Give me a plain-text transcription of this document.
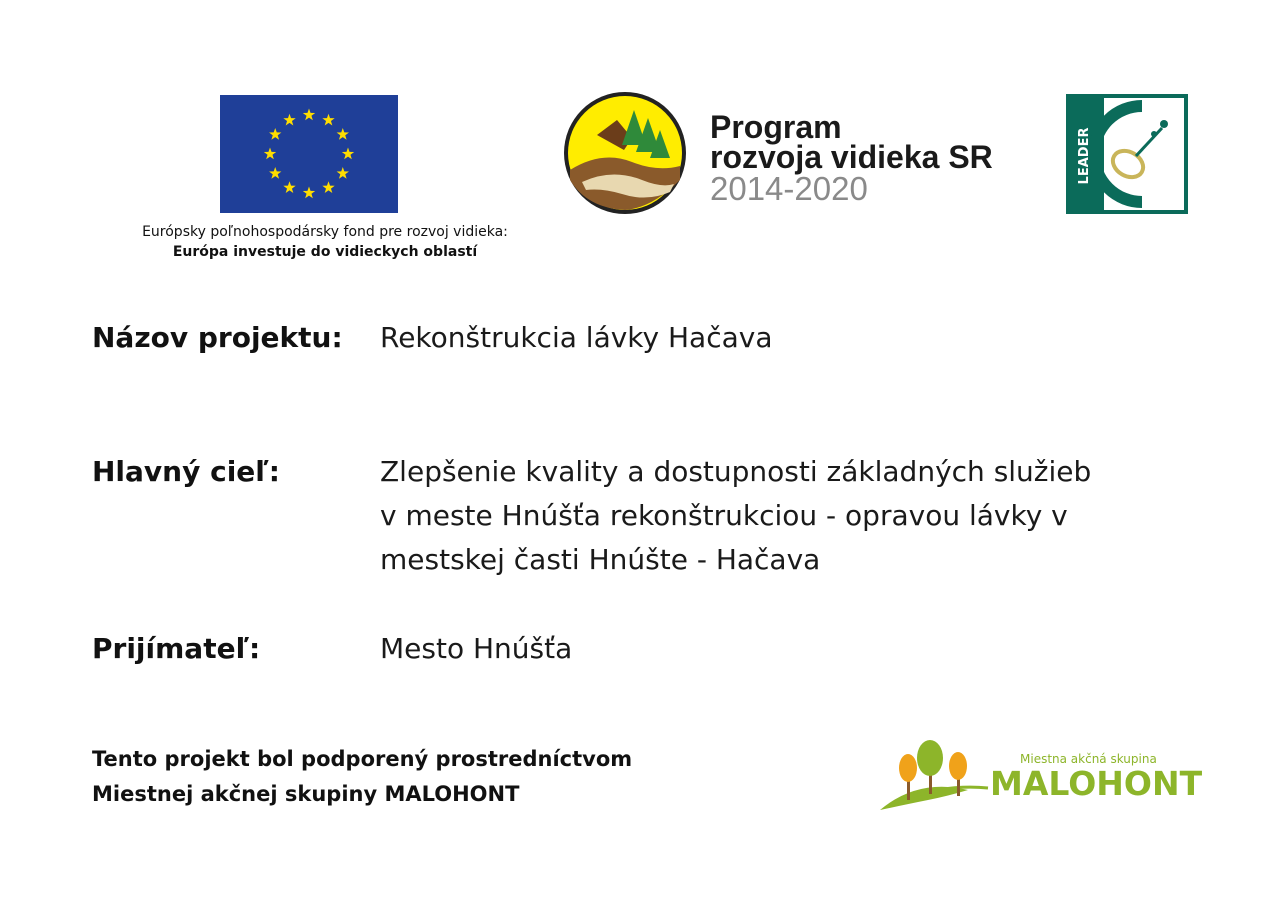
Európsky poľnohospodársky fond pre rozvoj vidieka:
Európa investuje do vidieckych oblastí
Program
rozvoja vidieka SR
2014-2020
LEADER
Názov projektu: Rekonštrukcia lávky Hačava
Hlavný cieľ:	Zlepšenie kvality a dostupnosti základných služieb
v meste Hnúšťa rekonštrukciou - opravou lávky v
mestskej časti Hnúšte - Hačava
Prijímateľ:	Mesto Hnúšťa
Tento projekt bol podporený prostredníctvom
Miestnej akčnej skupiny MALOHONT
Miestna akčná skupina
MALOHONT
